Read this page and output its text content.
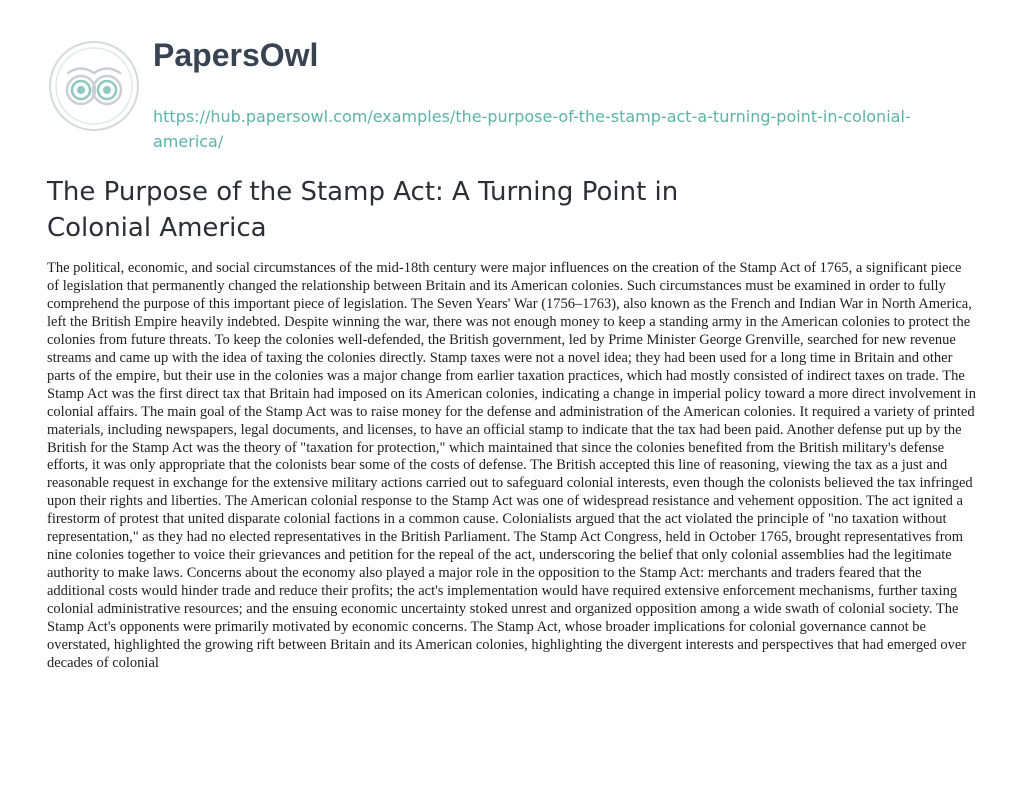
PapersOwl
https://hub.papersowl.com/examples/the-purpose-of-the-stamp-act-a-turning-point-in-colonial-america/
The Purpose of the Stamp Act: A Turning Point in Colonial America

The political, economic, and social circumstances of the mid-18th century were major influences on the creation of the Stamp Act of 1765, a significant piece of legislation that permanently changed the relationship between Britain and its American colonies. Such circumstances must be examined in order to fully comprehend the purpose of this important piece of legislation. The Seven Years' War (1756–1763), also known as the French and Indian War in North America, left the British Empire heavily indebted. Despite winning the war, there was not enough money to keep a standing army in the American colonies to protect the colonies from future threats. To keep the colonies well-defended, the British government, led by Prime Minister George Grenville, searched for new revenue streams and came up with the idea of taxing the colonies directly. Stamp taxes were not a novel idea; they had been used for a long time in Britain and other parts of the empire, but their use in the colonies was a major change from earlier taxation practices, which had mostly consisted of indirect taxes on trade. The Stamp Act was the first direct tax that Britain had imposed on its American colonies, indicating a change in imperial policy toward a more direct involvement in colonial affairs. The main goal of the Stamp Act was to raise money for the defense and administration of the American colonies. It required a variety of printed materials, including newspapers, legal documents, and licenses, to have an official stamp to indicate that the tax had been paid. Another defense put up by the British for the Stamp Act was the theory of "taxation for protection," which maintained that since the colonies benefited from the British military's defense efforts, it was only appropriate that the colonists bear some of the costs of defense. The British accepted this line of reasoning, viewing the tax as a just and reasonable request in exchange for the extensive military actions carried out to safeguard colonial interests, even though the colonists believed the tax infringed upon their rights and liberties. The American colonial response to the Stamp Act was one of widespread resistance and vehement opposition. The act ignited a firestorm of protest that united disparate colonial factions in a common cause. Colonialists argued that the act violated the principle of "no taxation without representation," as they had no elected representatives in the British Parliament. The Stamp Act Congress, held in October 1765, brought representatives from nine colonies together to voice their grievances and petition for the repeal of the act, underscoring the belief that only colonial assemblies had the legitimate authority to make laws. Concerns about the economy also played a major role in the opposition to the Stamp Act: merchants and traders feared that the additional costs would hinder trade and reduce their profits; the act's implementation would have required extensive enforcement mechanisms, further taxing colonial administrative resources; and the ensuing economic uncertainty stoked unrest and organized opposition among a wide swath of colonial society. The Stamp Act's opponents were primarily motivated by economic concerns. The Stamp Act, whose broader implications for colonial governance cannot be overstated, highlighted the growing rift between Britain and its American colonies, highlighting the divergent interests and perspectives that had emerged over decades of colonial
